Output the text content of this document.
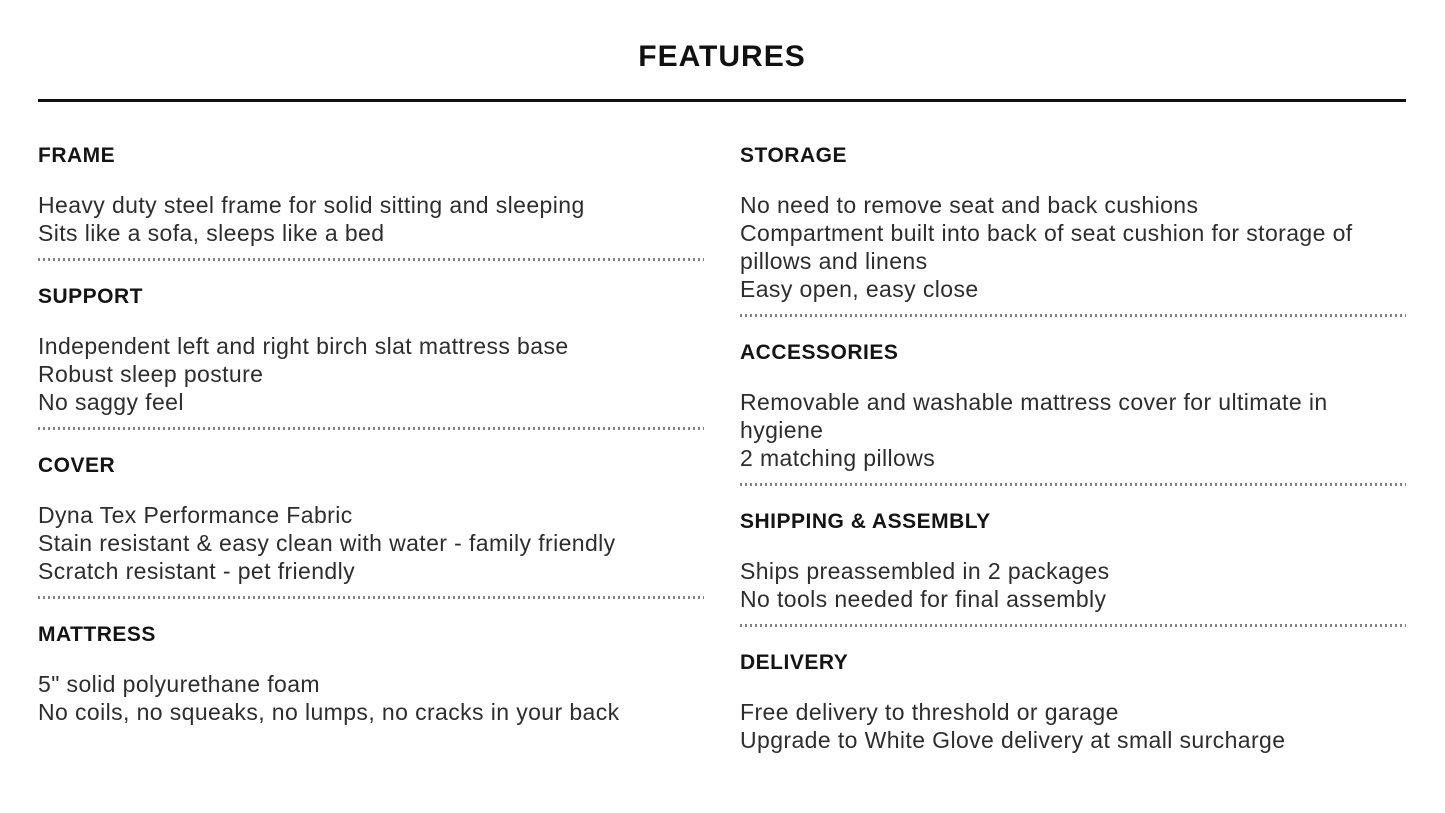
FEATURES
FRAME

Heavy duty steel frame for solid sitting and sleeping

Sits like a sofa, sleeps like a bed

SUPPORT

Independent left and right birch slat mattress base

Robust sleep posture

No saggy feel

COVER

Dyna Tex Performance Fabric

Stain resistant & easy clean with water - family friendly

Scratch resistant - pet friendly

MATTRESS

5" solid polyurethane foam

No coils, no squeaks, no lumps, no cracks in your back

STORAGE

No need to remove seat and back cushions

Compartment built into back of seat cushion for storage of pillows and linens

Easy open, easy close

ACCESSORIES

Removable and washable mattress cover for ultimate in hygiene

2 matching pillows

SHIPPING & ASSEMBLY

Ships preassembled in 2 packages

No tools needed for final assembly

DELIVERY

Free delivery to threshold or garage

Upgrade to White Glove delivery at small surcharge
